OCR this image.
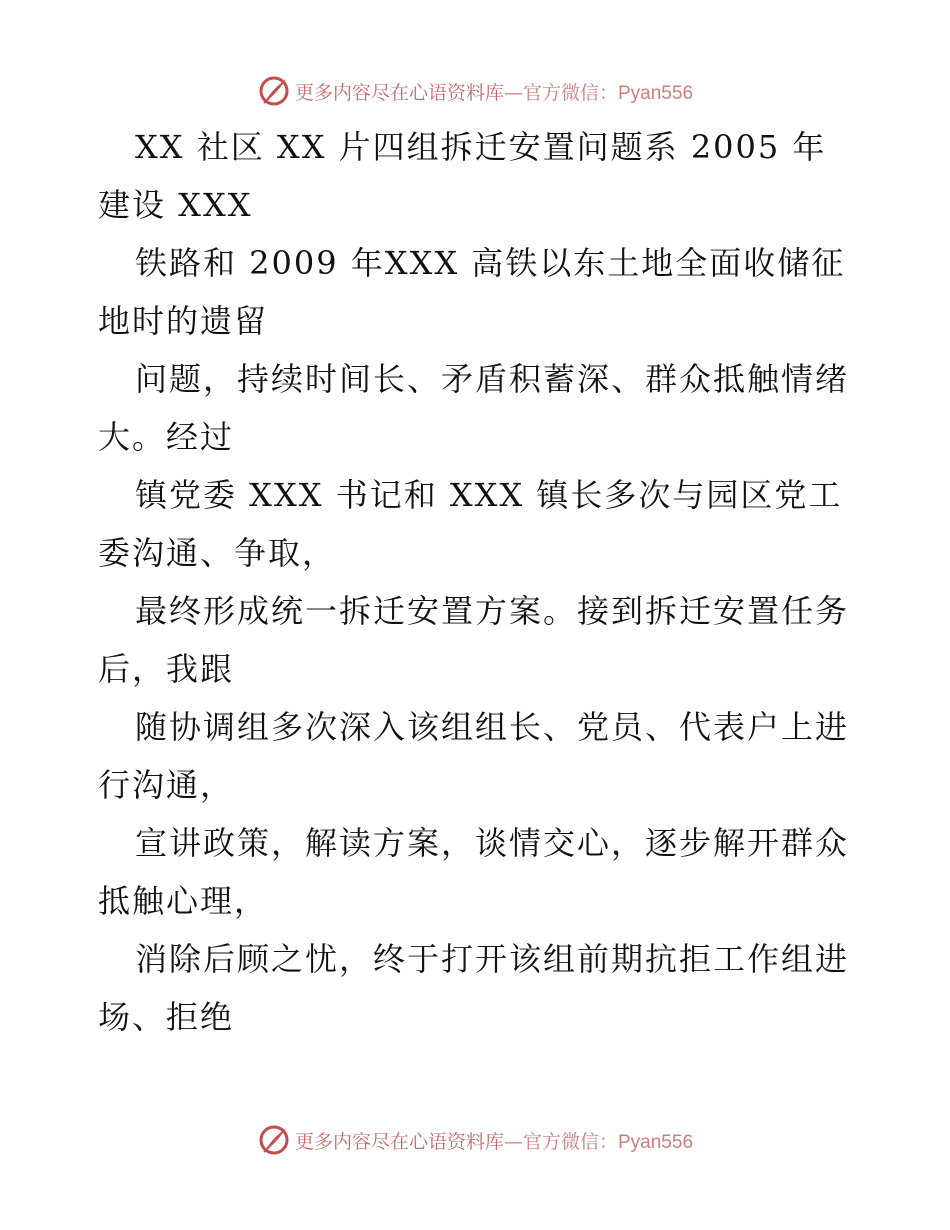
更多内容尽在心语资料库—官方微信：Pyan556

XX 社区 XX 片四组拆迁安置问题系 2005 年建设 XXX

铁路和 2009 年XXX 高铁以东土地全面收储征地时的遗留

问题，持续时间长、矛盾积蓄深、群众抵触情绪大。经过

镇党委 XXX 书记和 XXX 镇长多次与园区党工委沟通、争取，

最终形成统一拆迁安置方案。接到拆迁安置任务后，我跟

随协调组多次深入该组组长、党员、代表户上进行沟通，

宣讲政策，解读方案，谈情交心，逐步解开群众抵触心理，

消除后顾之忧，终于打开该组前期抗拒工作组进场、拒绝

更多内容尽在心语资料库—官方微信：Pyan556
